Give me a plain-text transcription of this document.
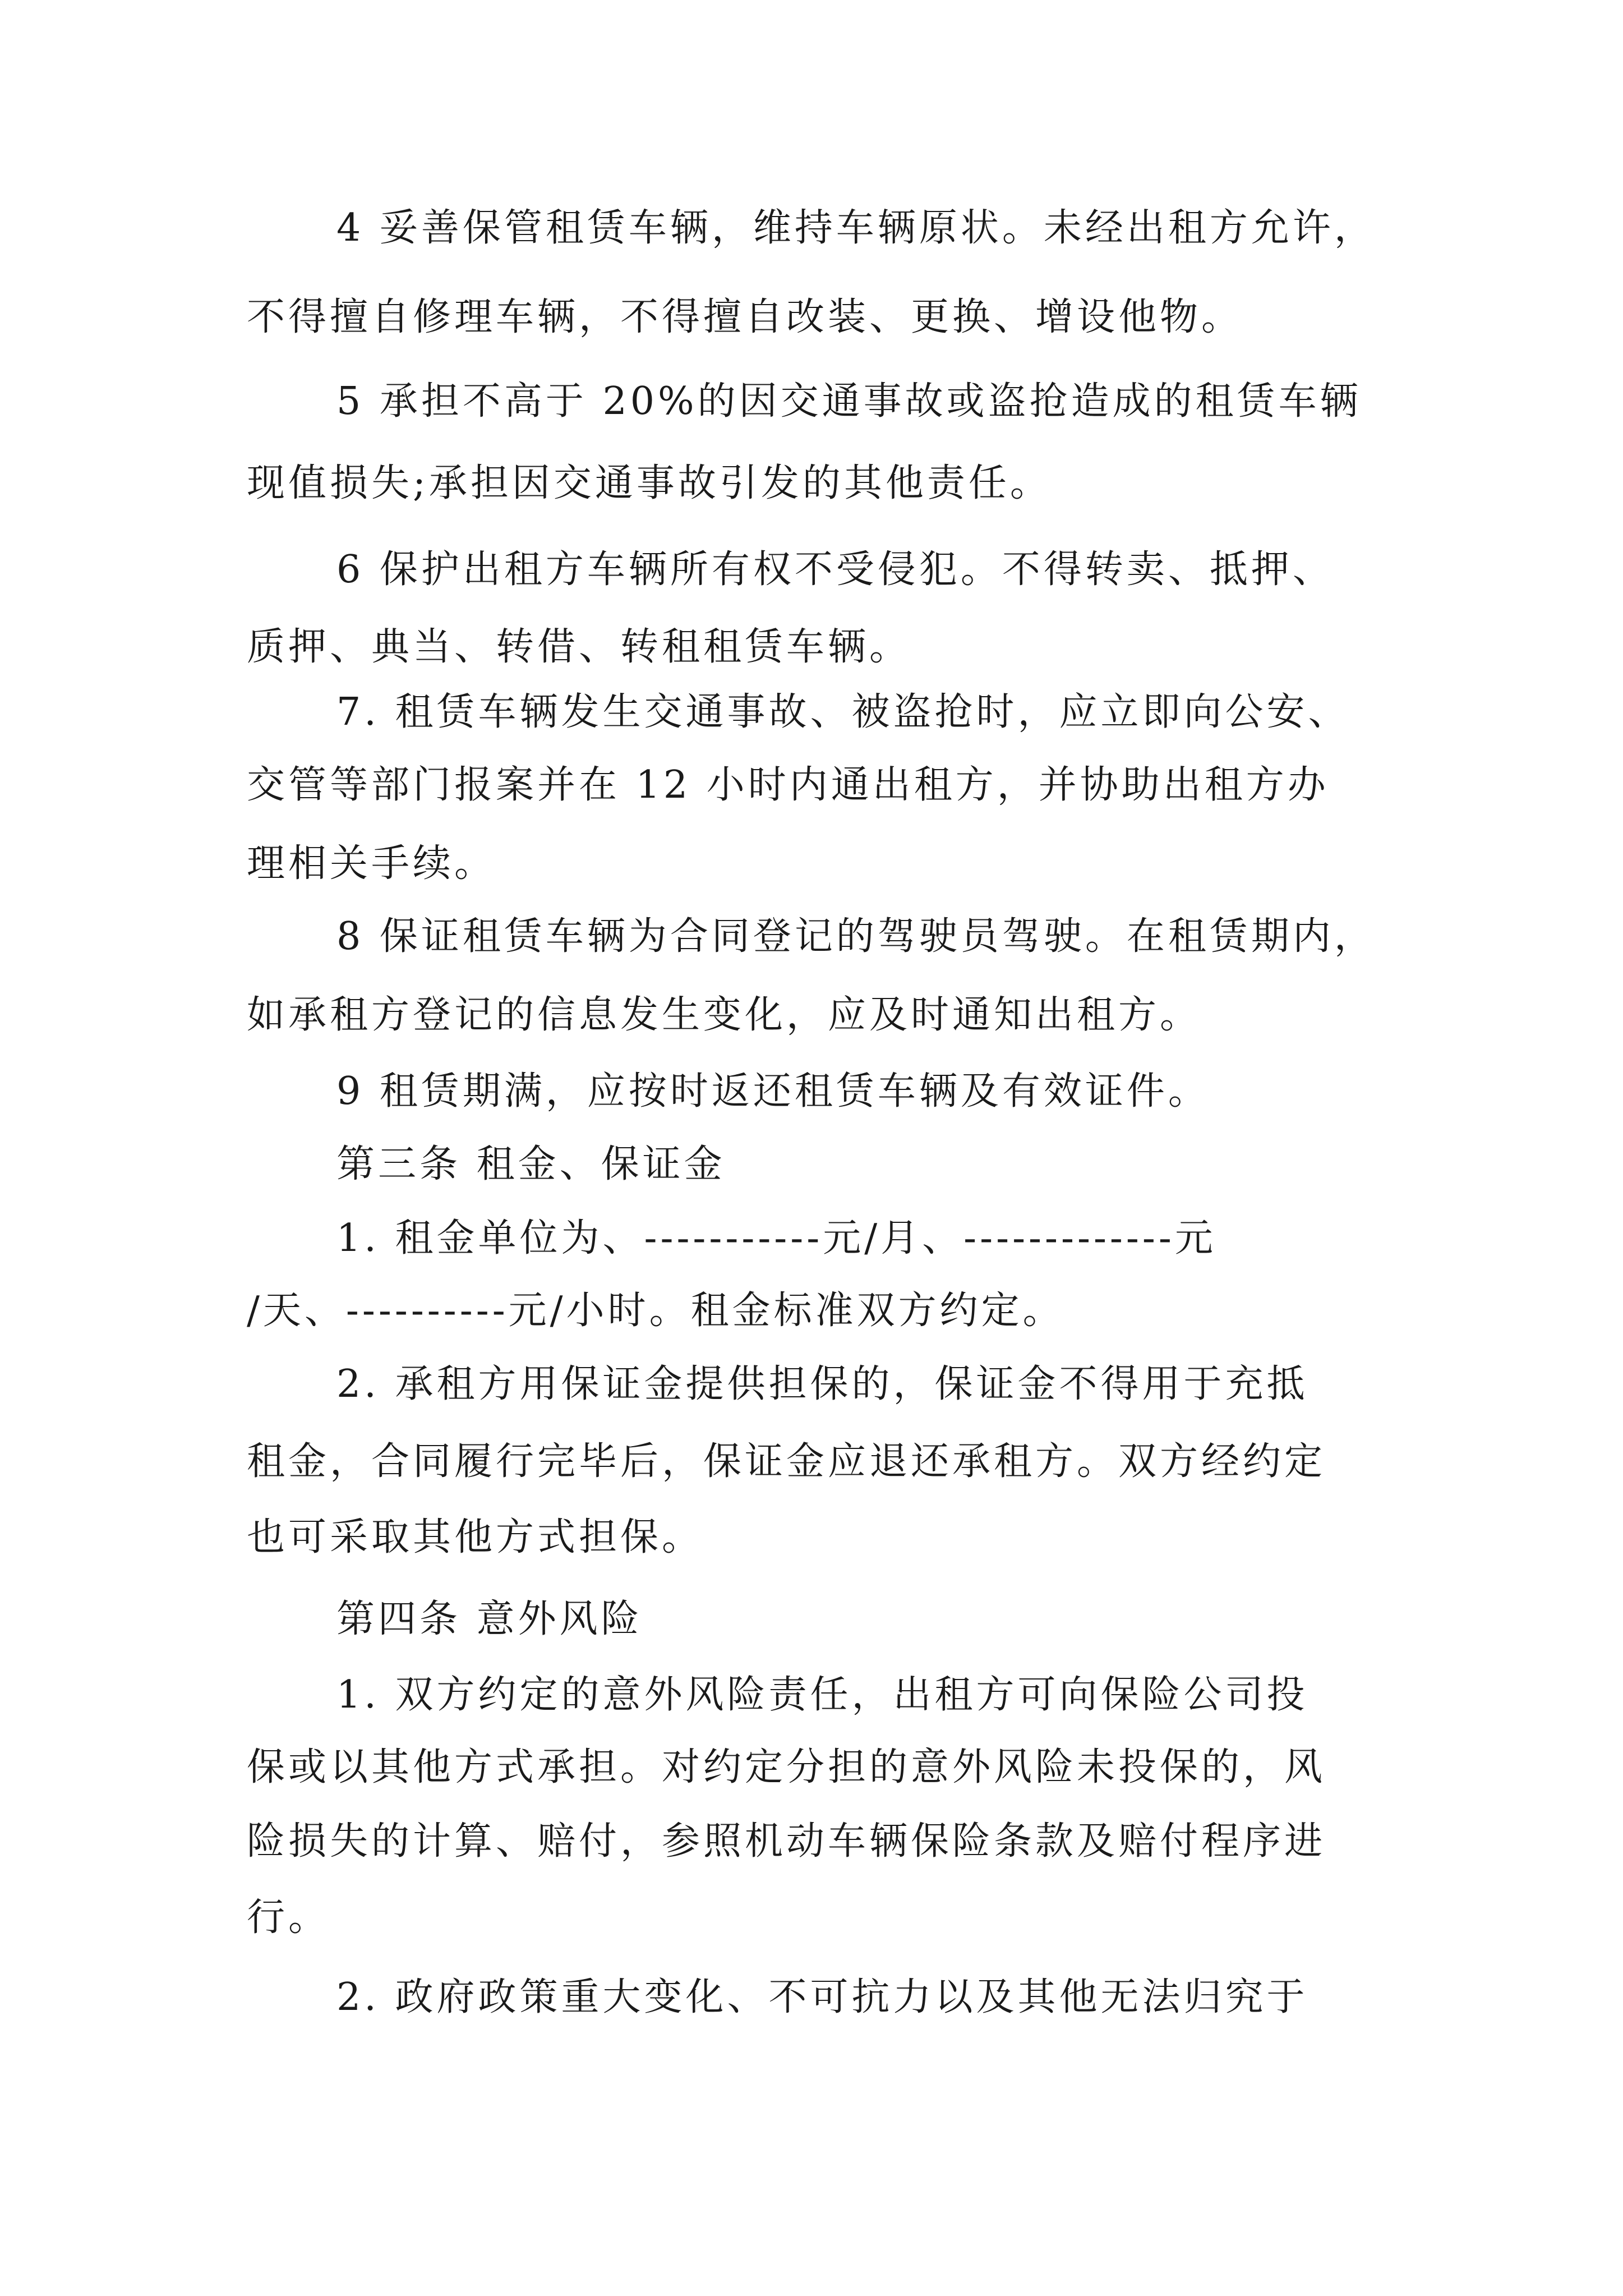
4 妥善保管租赁车辆，维持车辆原状。未经出租方允许，

不得擅自修理车辆，不得擅自改装、更换、增设他物。

5 承担不高于 20%的因交通事故或盗抢造成的租赁车辆

现值损失;承担因交通事故引发的其他责任。

6 保护出租方车辆所有权不受侵犯。不得转卖、抵押、

质押、典当、转借、转租租赁车辆。

7. 租赁车辆发生交通事故、被盗抢时，应立即向公安、

交管等部门报案并在 12 小时内通出租方，并协助出租方办

理相关手续。

8 保证租赁车辆为合同登记的驾驶员驾驶。在租赁期内，

如承租方登记的信息发生变化，应及时通知出租方。

9 租赁期满，应按时返还租赁车辆及有效证件。

第三条 租金、保证金

1. 租金单位为、-----------元/月、-------------元

/天、----------元/小时。租金标准双方约定。

2. 承租方用保证金提供担保的，保证金不得用于充抵

租金，合同履行完毕后，保证金应退还承租方。双方经约定

也可采取其他方式担保。

第四条 意外风险

1. 双方约定的意外风险责任，出租方可向保险公司投

保或以其他方式承担。对约定分担的意外风险未投保的，风

险损失的计算、赔付，参照机动车辆保险条款及赔付程序进

行。

2. 政府政策重大变化、不可抗力以及其他无法归究于
